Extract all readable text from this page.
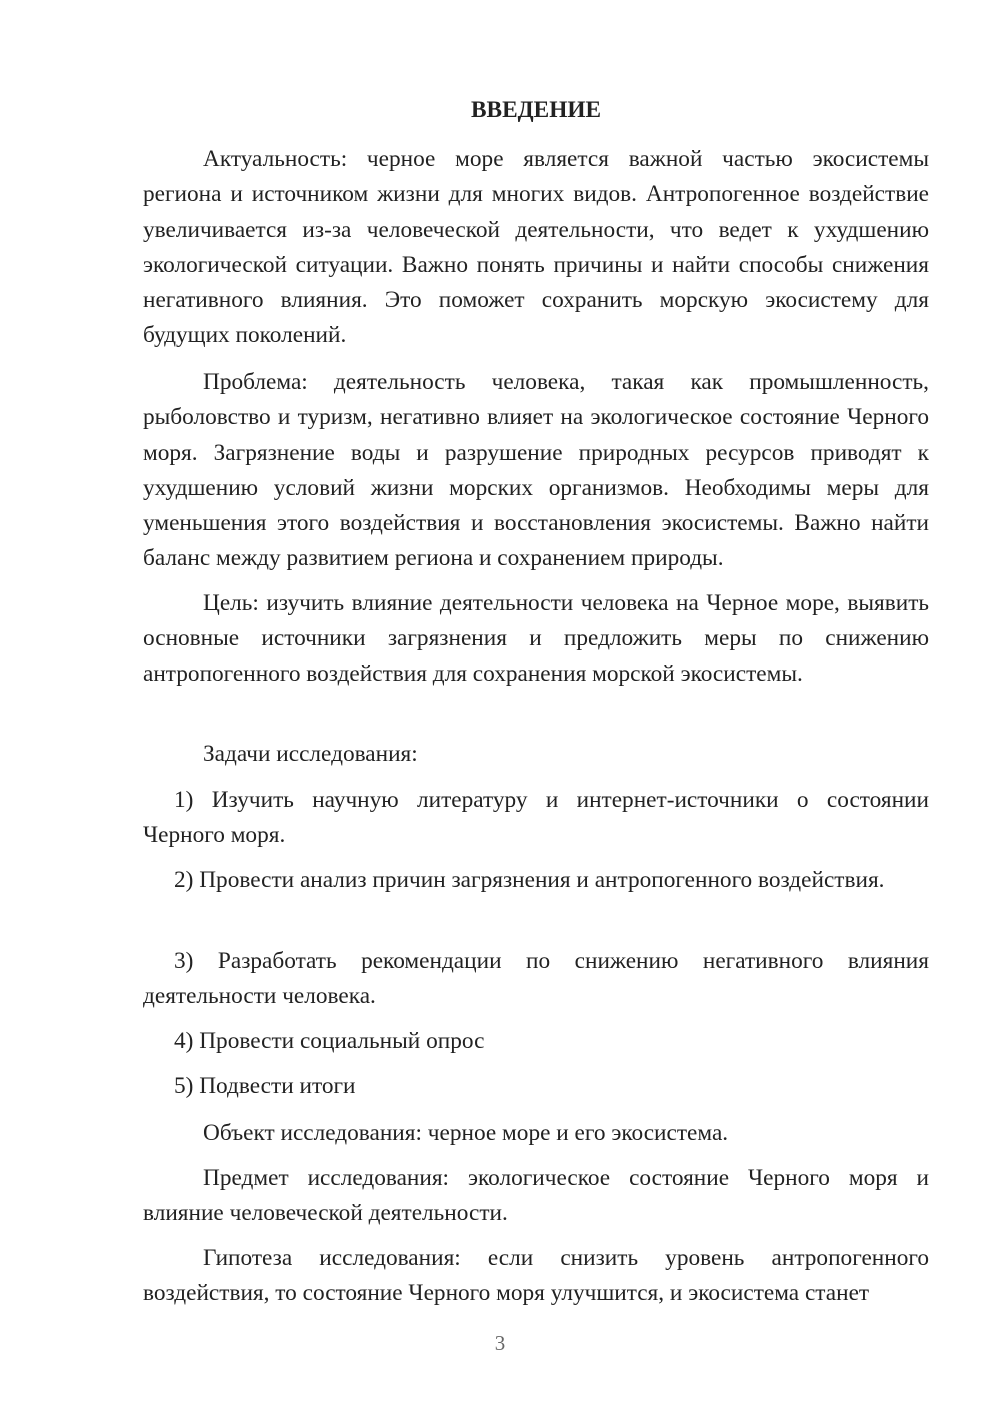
ВВЕДЕНИЕ

Актуальность: черное море является важной частью экосистемы региона и источником жизни для многих видов. Антропогенное воздействие увеличивается из-за человеческой деятельности, что ведет к ухудшению экологической ситуации. Важно понять причины и найти способы снижения негативного влияния. Это поможет сохранить морскую экосистему для будущих поколений.

Проблема: деятельность человека, такая как промышленность, рыболовство и туризм, негативно влияет на экологическое состояние Черного моря. Загрязнение воды и разрушение природных ресурсов приводят к ухудшению условий жизни морских организмов. Необходимы меры для уменьшения этого воздействия и восстановления экосистемы. Важно найти баланс между развитием региона и сохранением природы.

Цель: изучить влияние деятельности человека на Черное море, выявить основные источники загрязнения и предложить меры по снижению антропогенного воздействия для сохранения морской экосистемы.

Задачи исследования:

1) Изучить научную литературу и интернет-источники о состоянии Черного моря.

2) Провести анализ причин загрязнения и антропогенного воздействия.

3) Разработать рекомендации по снижению негативного влияния деятельности человека.

4) Провести социальный опрос

5) Подвести итоги

Объект исследования: черное море и его экосистема.

Предмет исследования: экологическое состояние Черного моря и влияние человеческой деятельности.

Гипотеза исследования: если снизить уровень антропогенного воздействия, то состояние Черного моря улучшится, и экосистема станет

3
